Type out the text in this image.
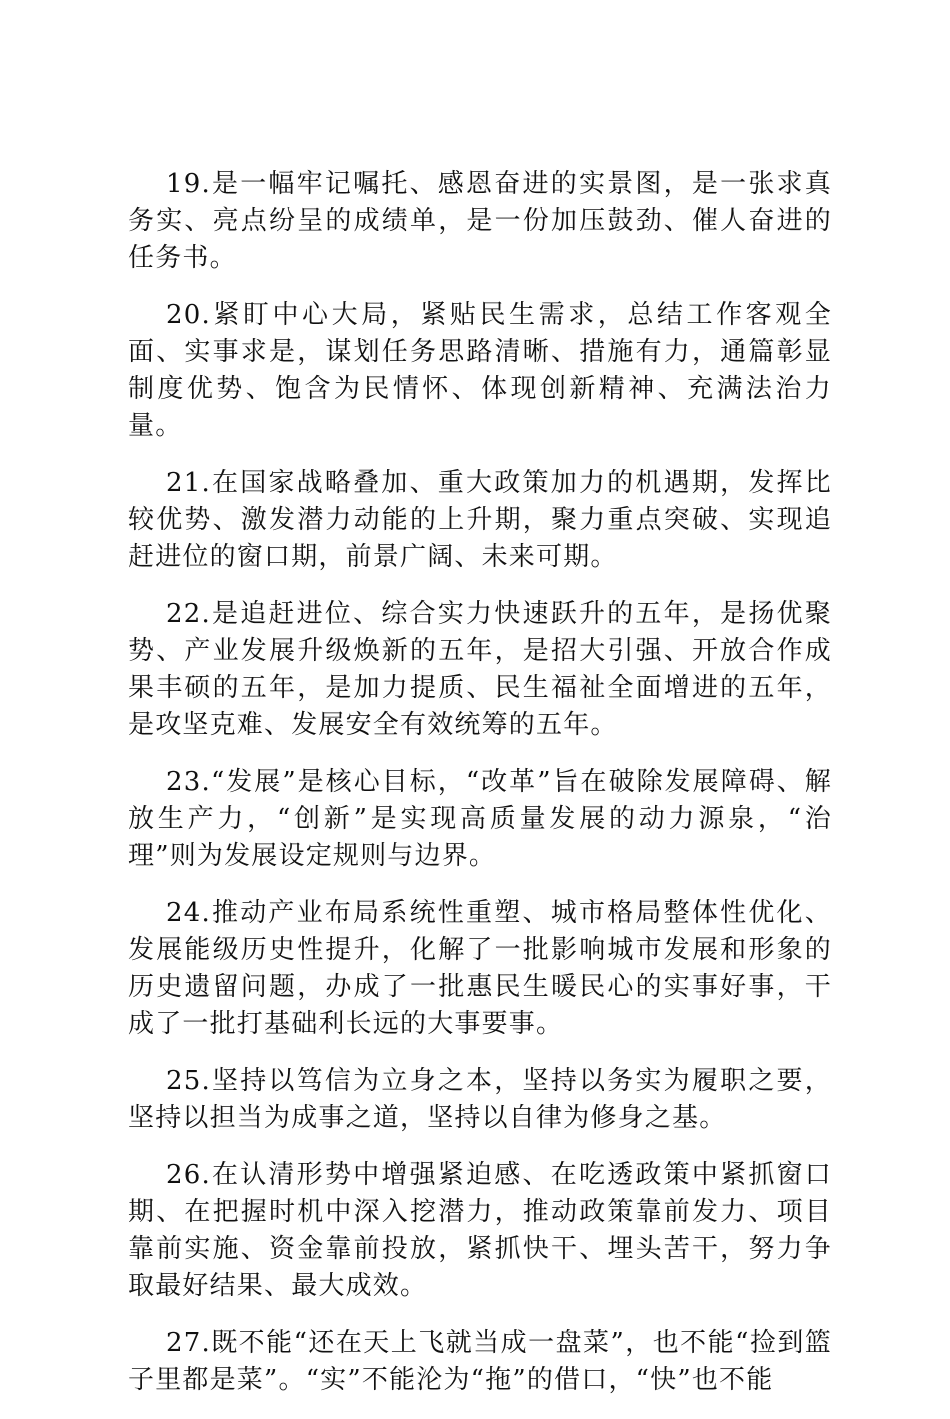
19.是一幅牢记嘱托、感恩奋进的实景图，是一张求真务实、亮点纷呈的成绩单，是一份加压鼓劲、催人奋进的任务书。

20.紧盯中心大局，紧贴民生需求，总结工作客观全面、实事求是，谋划任务思路清晰、措施有力，通篇彰显制度优势、饱含为民情怀、体现创新精神、充满法治力量。

21.在国家战略叠加、重大政策加力的机遇期，发挥比较优势、激发潜力动能的上升期，聚力重点突破、实现追赶进位的窗口期，前景广阔、未来可期。

22.是追赶进位、综合实力快速跃升的五年，是扬优聚势、产业发展升级焕新的五年，是招大引强、开放合作成果丰硕的五年，是加力提质、民生福祉全面增进的五年，是攻坚克难、发展安全有效统筹的五年。

23.“发展”是核心目标，“改革”旨在破除发展障碍、解放生产力，“创新”是实现高质量发展的动力源泉，“治理”则为发展设定规则与边界。

24.推动产业布局系统性重塑、城市格局整体性优化、发展能级历史性提升，化解了一批影响城市发展和形象的历史遗留问题，办成了一批惠民生暖民心的实事好事，干成了一批打基础利长远的大事要事。

25.坚持以笃信为立身之本，坚持以务实为履职之要，坚持以担当为成事之道，坚持以自律为修身之基。

26.在认清形势中增强紧迫感、在吃透政策中紧抓窗口期、在把握时机中深入挖潜力，推动政策靠前发力、项目靠前实施、资金靠前投放，紧抓快干、埋头苦干，努力争取最好结果、最大成效。

27.既不能“还在天上飞就当成一盘菜”，也不能“捡到篮子里都是菜”。“实”不能沦为“拖”的借口，“快”也不能
